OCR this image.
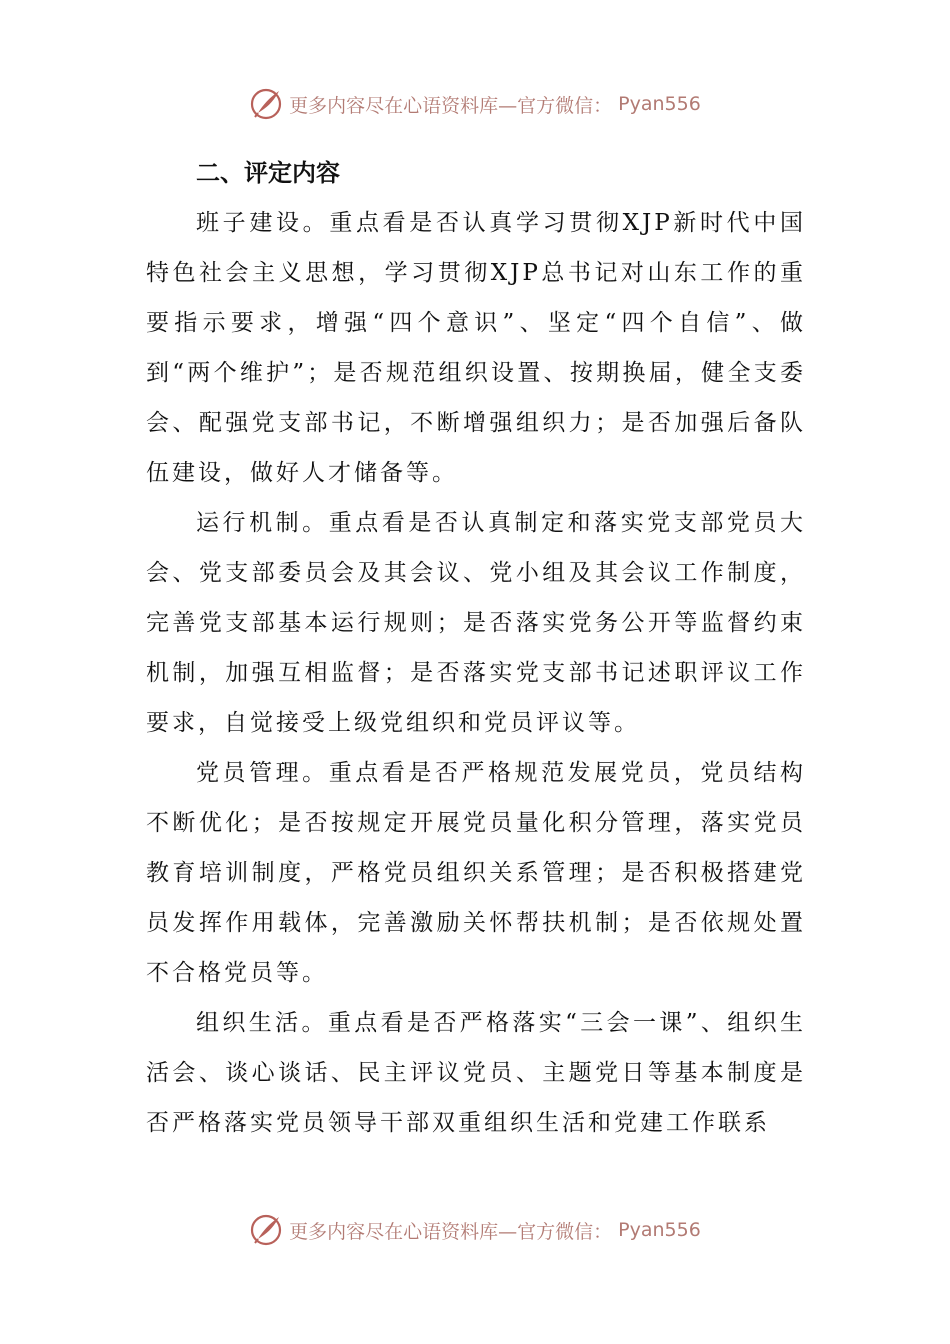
更多内容尽在心语资料库—官方微信： Pyan556
二、评定内容

班子建设。重点看是否认真学习贯彻XJP新时代中国特色社会主义思想，学习贯彻XJP总书记对山东工作的重要指示要求，增强“四个意识”、坚定“四个自信”、做到“两个维护”；是否规范组织设置、按期换届，健全支委会、配强党支部书记，不断增强组织力；是否加强后备队伍建设，做好人才储备等。

运行机制。重点看是否认真制定和落实党支部党员大会、党支部委员会及其会议、党小组及其会议工作制度，完善党支部基本运行规则；是否落实党务公开等监督约束机制，加强互相监督；是否落实党支部书记述职评议工作要求，自觉接受上级党组织和党员评议等。

党员管理。重点看是否严格规范发展党员，党员结构不断优化；是否按规定开展党员量化积分管理，落实党员教育培训制度，严格党员组织关系管理；是否积极搭建党员发挥作用载体，完善激励关怀帮扶机制；是否依规处置不合格党员等。

组织生活。重点看是否严格落实“三会一课”、组织生活会、谈心谈话、民主评议党员、主题党日等基本制度是否严格落实党员领导干部双重组织生活和党建工作联系

更多内容尽在心语资料库—官方微信： Pyan556
